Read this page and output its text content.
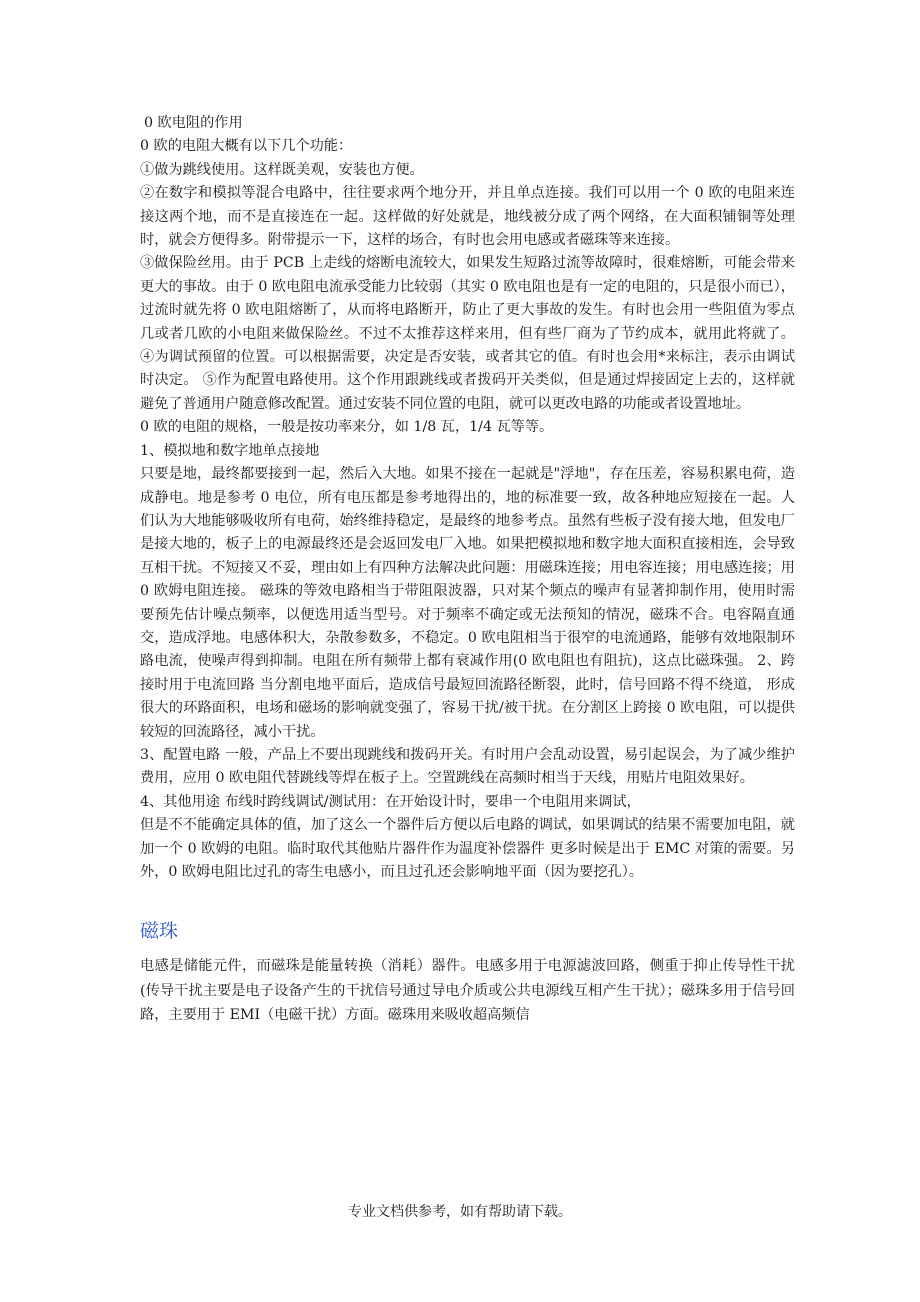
0 欧电阻的作用

0 欧的电阻大概有以下几个功能：

①做为跳线使用。这样既美观，安装也方便。

②在数字和模拟等混合电路中，往往要求两个地分开，并且单点连接。我们可以用一个 0 欧的电阻来连接这两个地，而不是直接连在一起。这样做的好处就是，地线被分成了两个网络，在大面积铺铜等处理时，就会方便得多。附带提示一下，这样的场合，有时也会用电感或者磁珠等来连接。

③做保险丝用。由于 PCB 上走线的熔断电流较大，如果发生短路过流等故障时，很难熔断，可能会带来更大的事故。由于 0 欧电阻电流承受能力比较弱（其实 0 欧电阻也是有一定的电阻的，只是很小而已），过流时就先将 0 欧电阻熔断了，从而将电路断开，防止了更大事故的发生。有时也会用一些阻值为零点几或者几欧的小电阻来做保险丝。不过不太推荐这样来用，但有些厂商为了节约成本，就用此将就了。 ④为调试预留的位置。可以根据需要，决定是否安装，或者其它的值。有时也会用*来标注，表示由调试时决定。 ⑤作为配置电路使用。这个作用跟跳线或者拨码开关类似，但是通过焊接固定上去的，这样就避免了普通用户随意修改配置。通过安装不同位置的电阻，就可以更改电路的功能或者设置地址。

0 欧的电阻的规格，一般是按功率来分，如 1/8 瓦，1/4 瓦等等。

1、模拟地和数字地单点接地

只要是地，最终都要接到一起，然后入大地。如果不接在一起就是"浮地"，存在压差，容易积累电荷，造成静电。地是参考 0 电位，所有电压都是参考地得出的，地的标准要一致，故各种地应短接在一起。人们认为大地能够吸收所有电荷，始终维持稳定，是最终的地参考点。虽然有些板子没有接大地，但发电厂是接大地的，板子上的电源最终还是会返回发电厂入地。如果把模拟地和数字地大面积直接相连，会导致互相干扰。不短接又不妥，理由如上有四种方法解决此问题：用磁珠连接；用电容连接；用电感连接；用 0 欧姆电阻连接。 磁珠的等效电路相当于带阻限波器，只对某个频点的噪声有显著抑制作用，使用时需要预先估计噪点频率，以便选用适当型号。对于频率不确定或无法预知的情况，磁珠不合。电容隔直通交，造成浮地。电感体积大，杂散参数多，不稳定。0 欧电阻相当于很窄的电流通路，能够有效地限制环路电流，使噪声得到抑制。电阻在所有频带上都有衰减作用(0 欧电阻也有阻抗)，这点比磁珠强。 2、跨接时用于电流回路 当分割电地平面后，造成信号最短回流路径断裂，此时，信号回路不得不绕道， 形成很大的环路面积，电场和磁场的影响就变强了，容易干扰/被干扰。在分割区上跨接 0 欧电阻，可以提供较短的回流路径，减小干扰。

3、配置电路 一般，产品上不要出现跳线和拨码开关。有时用户会乱动设置，易引起误会，为了减少维护费用，应用 0 欧电阻代替跳线等焊在板子上。空置跳线在高频时相当于天线，用贴片电阻效果好。

4、其他用途 布线时跨线调试/测试用：在开始设计时，要串一个电阻用来调试，

但是不不能确定具体的值，加了这么一个器件后方便以后电路的调试，如果调试的结果不需要加电阻，就加一个 0 欧姆的电阻。临时取代其他贴片器件作为温度补偿器件 更多时候是出于 EMC 对策的需要。另外，0 欧姆电阻比过孔的寄生电感小，而且过孔还会影响地平面（因为要挖孔）。

磁珠

电感是储能元件，而磁珠是能量转换（消耗）器件。电感多用于电源滤波回路，侧重于抑止传导性干扰(传导干扰主要是电子设备产生的干扰信号通过导电介质或公共电源线互相产生干扰）；磁珠多用于信号回路，主要用于 EMI（电磁干扰）方面。磁珠用来吸收超高频信

专业文档供参考，如有帮助请下载。
